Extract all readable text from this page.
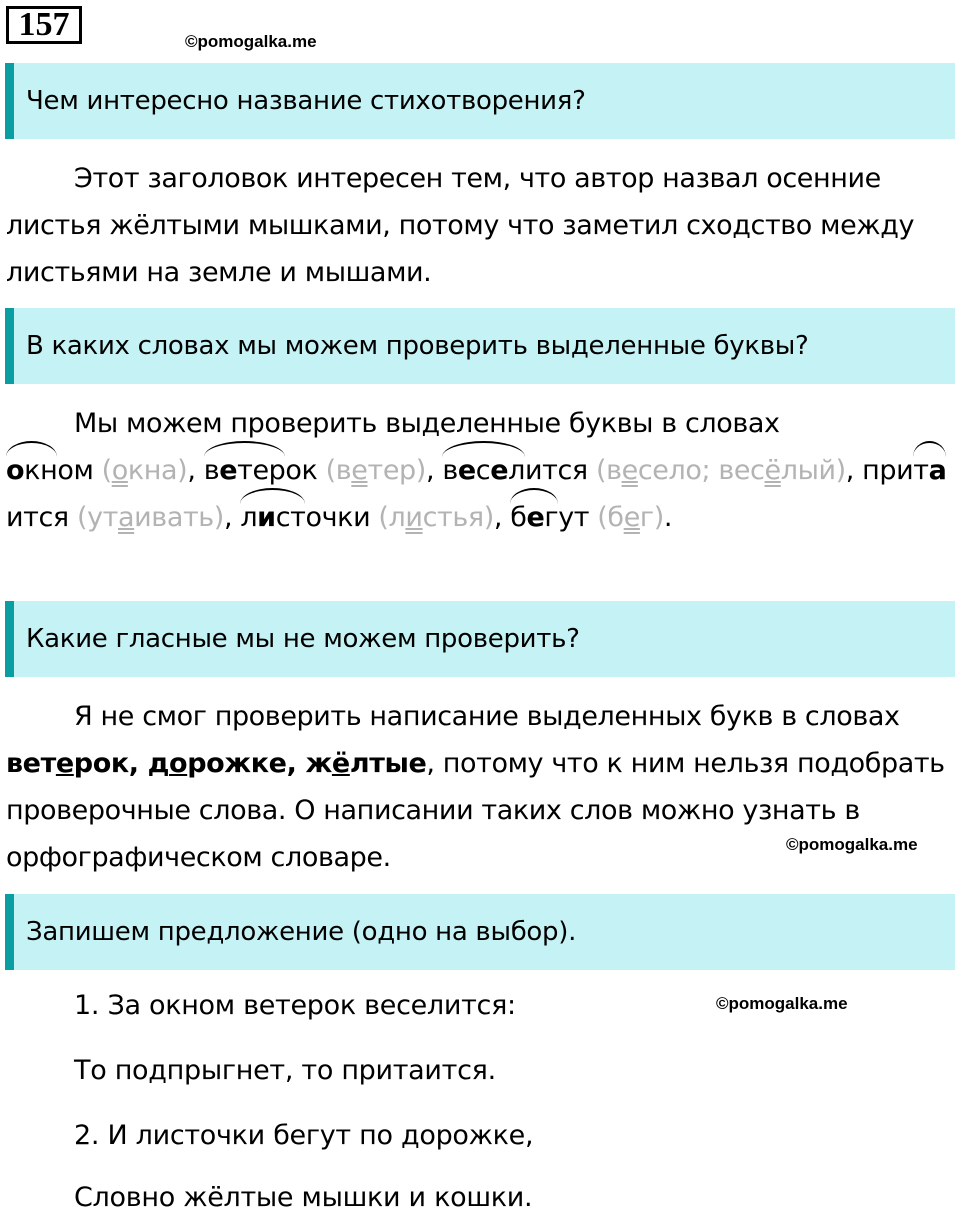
157	©pomogalka.me
Чем интересно название стихотворения?
Этот заголовок интересен тем, что автор назвал осенние листья жёлтыми мышками, потому что заметил сходство между листьями на земле и мышами.
В каких словах мы можем проверить выделенные буквы?
Мы можем проверить выделенные буквы в словах
окном (окна), ветерок (ветер), веселится (весело; весёлый), притаится (утаивать), листочки (листья), бегут (бег).
Какие гласные мы не можем проверить?
Я не смог проверить написание выделенных букв в словах ветерок, дорожке, жёлтые, потому что к ним нельзя подобрать проверочные слова. О написании таких слов можно узнать в орфографическом словаре.	©pomogalka.me
Запишем предложение (одно на выбор).
©pomogalka.me
1. За окном ветерок веселится:
То подпрыгнет, то притаится.
2. И листочки бегут по дорожке,
Словно жёлтые мышки и кошки.
